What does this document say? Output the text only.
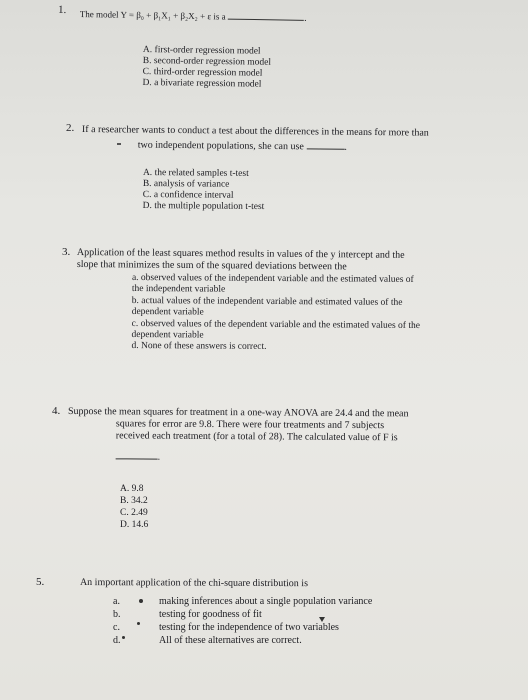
1. The model Y = β₀ + β₁X₁ + β₂X₂ + ε is a	.
A. first-order regression model
B. second-order regression model
C. third-order regression model
D. a bivariate regression model
2. If a researcher wants to conduct a test about the differences in the means for more than
two independent populations, she can use	.
A. the related samples t-test
B. analysis of variance
C. a confidence interval
D. the multiple population t-test
3. Application of the least squares method results in values of the y intercept and the
slope that minimizes the sum of the squared deviations between the
a. observed values of the independent variable and the estimated values of
the independent variable
b. actual values of the independent variable and estimated values of the
dependent variable
c. observed values of the dependent variable and the estimated values of the
dependent variable
d. None of these answers is correct.
4. Suppose the mean squares for treatment in a one-way ANOVA are 24.4 and the mean
squares for error are 9.8. There were four treatments and 7 subjects
received each treatment (for a total of 28). The calculated value of F is
.
A. 9.8
B. 34.2
C. 2.49
D. 14.6
5.	An important application of the chi-square distribution is
a.	making inferences about a single population variance
b.	testing for goodness of fit
c.	testing for the independence of two variables
d.	All of these alternatives are correct.
